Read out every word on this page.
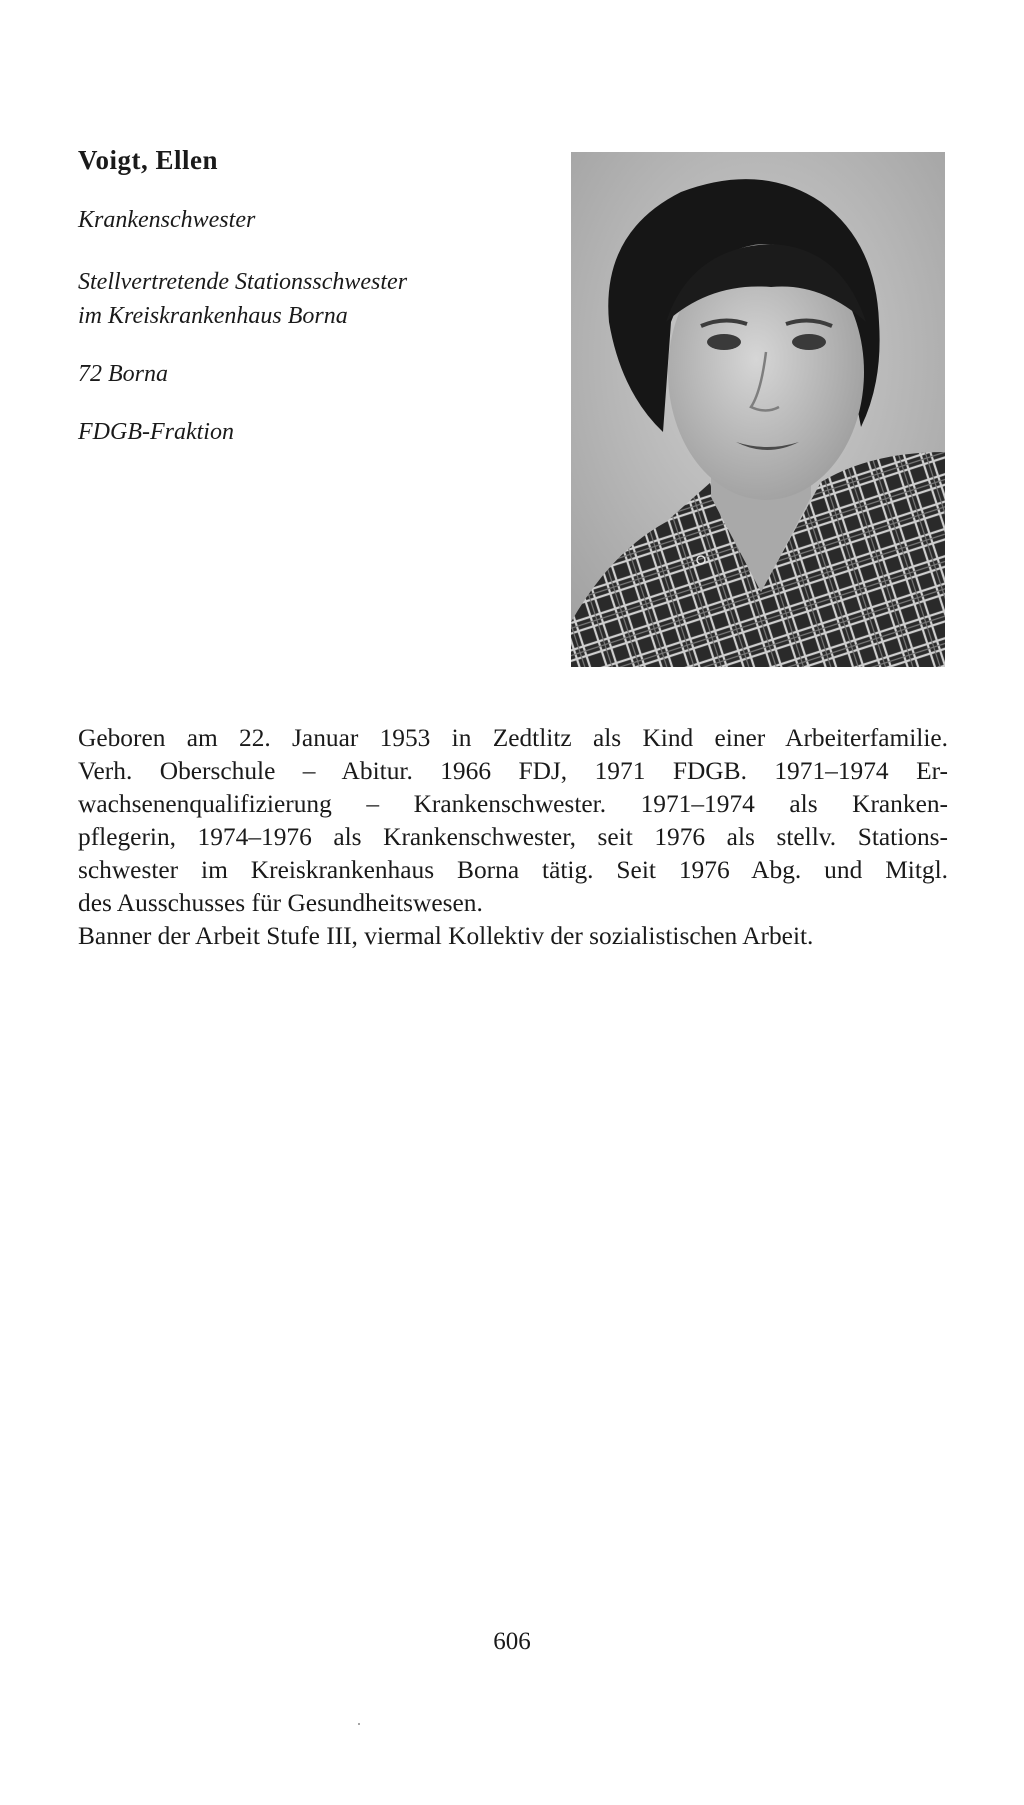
Voigt, Ellen

Krankenschwester

Stellvertretende Stationsschwester

im Kreiskrankenhaus Borna

72 Borna

FDGB-Fraktion

Geboren am 22. Januar 1953 in Zedtlitz als Kind einer Arbeiterfamilie.
Verh. Oberschule – Abitur. 1966 FDJ, 1971 FDGB. 1971–1974 Er-
wachsenenqualifizierung – Krankenschwester. 1971–1974 als Kranken-
pflegerin, 1974–1976 als Krankenschwester, seit 1976 als stellv. Stations-
schwester im Kreiskrankenhaus Borna tätig. Seit 1976 Abg. und Mitgl.
des Ausschusses für Gesundheitswesen.

Banner der Arbeit Stufe III, viermal Kollektiv der sozialistischen Arbeit.

606
